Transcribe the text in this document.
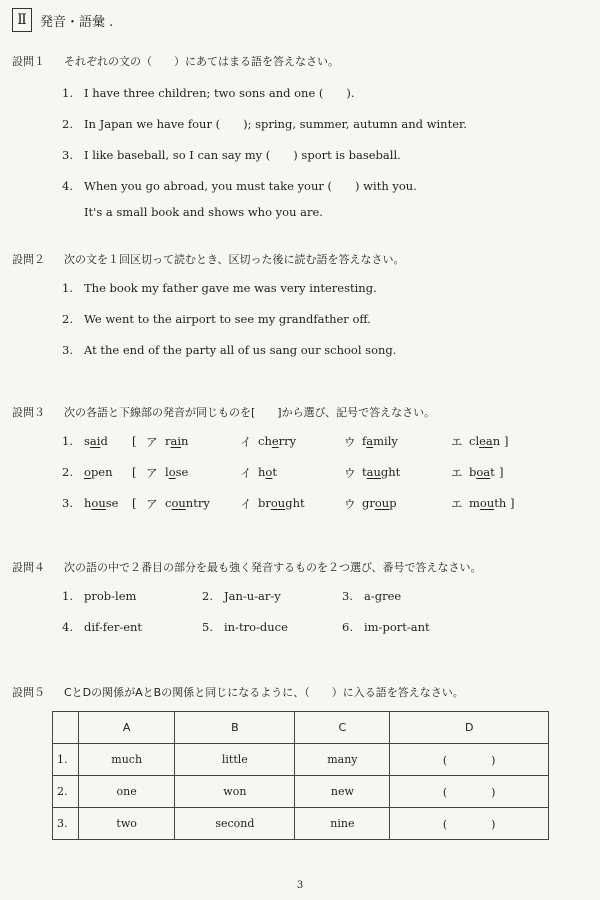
Ⅱ	発音・語彙 .
設問１ それぞれの文の（　　）にあてはまる語を答えなさい。
1. I have three children; two sons and one (　　).
2. In Japan we have four (　　); spring, summer, autumn and winter.
3. I like baseball, so I can say my (　　) sport is baseball.
4. When you go abroad, you must take your (　　) with you.
It's a small book and shows who you are.
設問２ 次の文を１回区切って読むとき、区切った後に読む語を答えなさい。
1. The book my father gave me was very interesting.
2. We went to the airport to see my grandfather off.
3. At the end of the party all of us sang our school song.
設問３ 次の各語と下線部の発音が同じものを[　　]から選び、記号で答えなさい。
1. said [ ア rain	イ cherry	ウ family	エ clean ]
2. open [ ア lose	イ hot	ウ taught	エ boat ]
3. house [ ア country	イ brought	ウ group	エ mouth ]
設問４ 次の語の中で２番目の部分を最も強く発音するものを２つ選び、番号で答えなさい。
1. prob-lem	2. Jan-u-ar-y	3. a-gree
4. dif-fer-ent	5. in-tro-duce	6. im-port-ant
設問５ CとDの関係がAとBの関係と同じになるように、（　　）に入る語を答えなさい。
	A	B	C	D
1.	much	little	many	(　　　　)
2.	one	won	new	(　　　　)
3.	two	second	nine	(　　　　)
3
